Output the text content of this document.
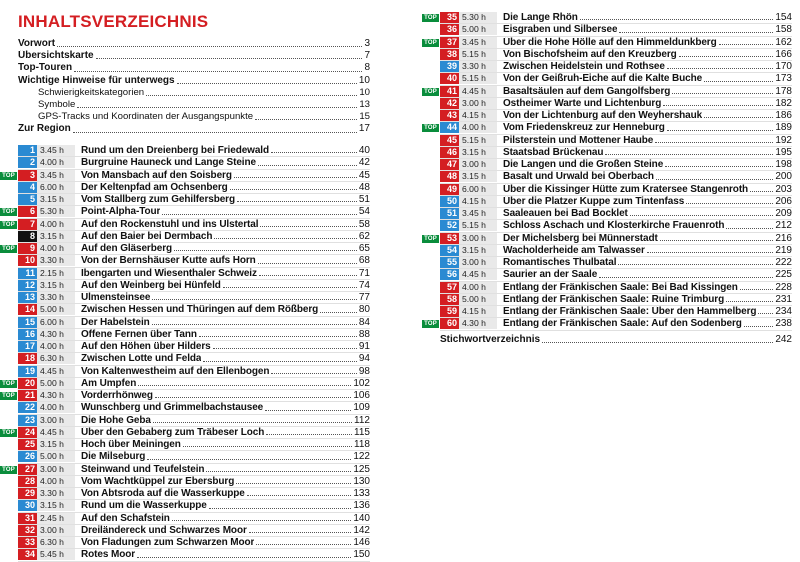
INHALTSVERZEICHNIS
Vorwort	3
Übersichtskarte	7
Top-Touren	8
Wichtige Hinweise für unterwegs	10
Schwierigkeitskategorien	10
Symbole	13
GPS-Tracks und Koordinaten der Ausgangspunkte	15
Zur Region	17
1 3.45 h	Rund um den Dreienberg bei Friedewald	40
2 4.00 h	Burgruine Hauneck und Lange Steine	42
TOP	3 3.45 h	Von Mansbach auf den Soisberg	45
4 6.00 h	Der Keltenpfad am Öchsenberg	48
5 3.15 h	Vom Stallberg zum Gehilfersberg	51
TOP	6 5.30 h	Point-Alpha-Tour	54
TOP	7 4.00 h	Auf den Rockenstuhl und ins Ulstertal	58
8 3.15 h	Auf den Baier bei Dermbach	62
TOP	9 4.00 h	Auf den Gläserberg	65
10 3.30 h	Von der Bernshäuser Kutte aufs Horn	68
11 2.15 h	Ibengarten und Wiesenthaler Schweiz	71
12 3.15 h	Auf den Weinberg bei Hünfeld	74
13 3.30 h	Ulmensteinsee	77
14 5.00 h	Zwischen Hessen und Thüringen auf dem Rößberg	80
15 6.00 h	Der Habelstein	84
16 4.30 h	Offene Fernen über Tann	88
17 4.00 h	Auf den Höhen über Hilders	91
18 6.30 h	Zwischen Lotte und Felda	94
19 4.45 h	Von Kaltenwestheim auf den Ellenbogen	98
TOP	20 5.00 h	Am Umpfen	102
TOP	21 4.30 h	Vorderrhönweg	106
22 4.00 h	Wunschberg und Grimmelbachstausee	109
23 3.00 h	Die Hohe Geba	112
TOP	24 4.45 h	Über den Gebaberg zum Träbeser Loch	115
25 3.15 h	Hoch über Meiningen	118
26 5.00 h	Die Milseburg	122
TOP	27 3.00 h	Steinwand und Teufelstein	125
28 4.00 h	Vom Wachtküppel zur Ebersburg	130
29 3.30 h	Von Abtsroda auf die Wasserkuppe	133
30 3.15 h	Rund um die Wasserkuppe	136
31 2.45 h	Auf den Schafstein	140
32 3.00 h	Dreiländereck und Schwarzes Moor	142
33 6.30 h	Von Fladungen zum Schwarzen Moor	146
34 5.45 h	Rotes Moor	150
TOP	35 5.30 h	Die Lange Rhön	154
36 5.00 h	Eisgraben und Silbersee	158
TOP	37 3.45 h	Über die Hohe Hölle auf den Himmeldunkberg	162
38 5.15 h	Von Bischofsheim auf den Kreuzberg	166
39 3.30 h	Zwischen Heidelstein und Rothsee	170
40 5.15 h	Von der Geißruh-Eiche auf die Kalte Buche	173
TOP	41 4.45 h	Basaltsäulen auf dem Gangolfsberg	178
42 3.00 h	Ostheimer Warte und Lichtenburg	182
43 4.15 h	Von der Lichtenburg auf den Weyhershauk	186
TOP	44 4.00 h	Vom Friedenskreuz zur Henneburg	189
45 5.15 h	Pilsterstein und Mottener Haube	192
46 3.15 h	Staatsbad Brückenau	195
47 3.00 h	Die Langen und die Großen Steine	198
48 3.15 h	Basalt und Urwald bei Oberbach	200
49 6.00 h	Über die Kissinger Hütte zum Kratersee Stangenroth	203
50 4.15 h	Über die Platzer Kuppe zum Tintenfass	206
51 3.45 h	Saaleauen bei Bad Bocklet	209
52 5.15 h	Schloss Aschach und Klosterkirche Frauenroth	212
TOP	53 3.00 h	Der Michelsberg bei Münnerstadt	216
54 3.15 h	Wacholderheide am Talwasser	219
55 3.00 h	Romantisches Thulbatal	222
56 4.45 h	Saurier an der Saale	225
57 4.00 h	Entlang der Fränkischen Saale: Bei Bad Kissingen	228
58 5.00 h	Entlang der Fränkischen Saale: Ruine Trimburg	231
59 4.15 h	Entlang der Fränkischen Saale: Über den Hammelberg 234
TOP	60 4.30 h	Entlang der Fränkischen Saale: Auf den Sodenberg	238
Stichwortverzeichnis	242
